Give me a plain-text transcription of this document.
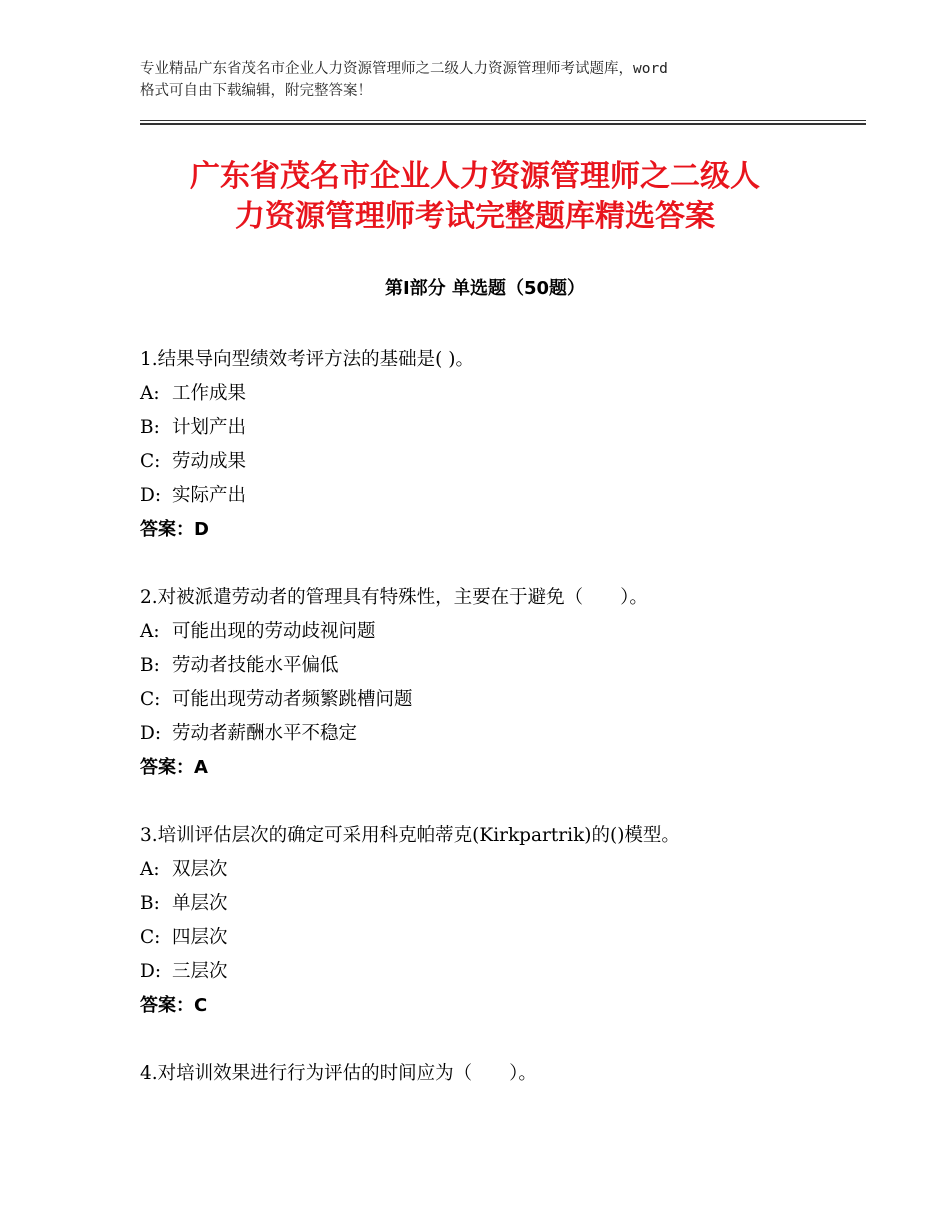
专业精品广东省茂名市企业人力资源管理师之二级人力资源管理师考试题库，word
格式可自由下载编辑，附完整答案！
广东省茂名市企业人力资源管理师之二级人
力资源管理师考试完整题库精选答案
第Ⅰ部分 单选题（50题）
1.结果导向型绩效考评方法的基础是( )。
A: 工作成果
B: 计划产出
C: 劳动成果
D: 实际产出
答案：D
2.对被派遣劳动者的管理具有特殊性，主要在于避免（　　）。
A: 可能出现的劳动歧视问题
B: 劳动者技能水平偏低
C: 可能出现劳动者频繁跳槽问题
D: 劳动者薪酬水平不稳定
答案：A
3.培训评估层次的确定可采用科克帕蒂克(Kirkpartrik)的()模型。
A: 双层次
B: 单层次
C: 四层次
D: 三层次
答案：C
4.对培训效果进行行为评估的时间应为（　　）。
